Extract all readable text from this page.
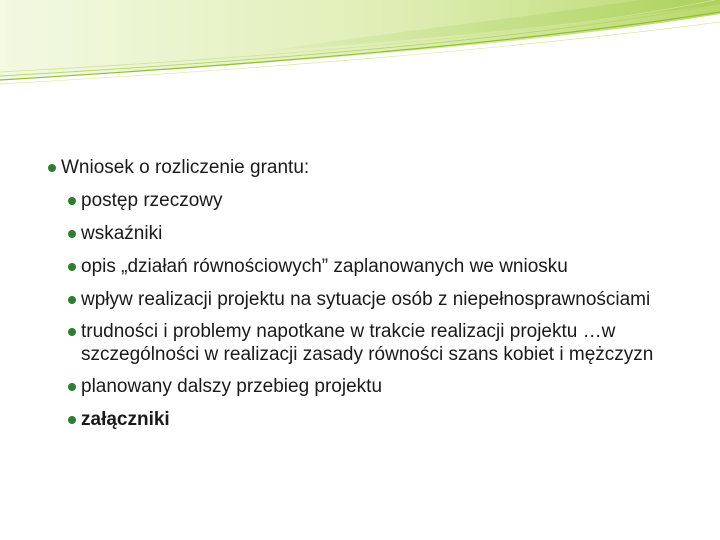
Wniosek o rozliczenie grantu:
postęp rzeczowy
wskaźniki
opis „działań równościowych” zaplanowanych we wniosku
wpływ realizacji projektu na sytuacje osób z niepełnosprawnościami
trudności i problemy napotkane w trakcie realizacji projektu …w szczególności w realizacji zasady równości szans kobiet i mężczyzn
planowany dalszy przebieg projektu
załączniki
